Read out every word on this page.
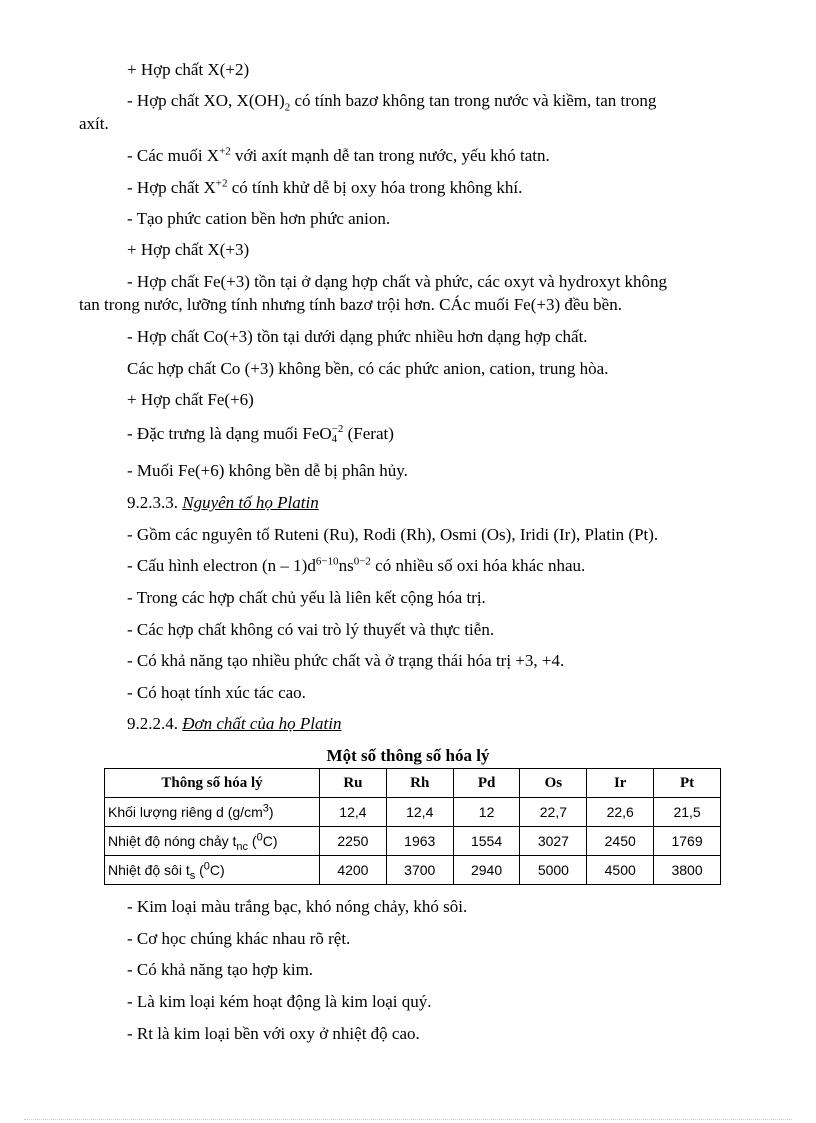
+ Hợp chất X(+2)
- Hợp chất XO, $X(OH)_2$ có tính bazơ không tan trong nước và kiềm, tan trong
axít.
- Các muối $X^{+2}$ với axít mạnh dễ tan trong nước, yếu khó tatn.
- Hợp chất $X^{+2}$ có tính khử dễ bị oxy hóa trong không khí.
- Tạo phức cation bền hơn phức anion.
+ Hợp chất X(+3)
- Hợp chất Fe(+3) tồn tại ở dạng hợp chất và phức, các oxyt và hydroxyt không
tan trong nước, lưỡng tính nhưng tính bazơ trội hơn. CÁc muối Fe(+3) đều bền.
- Hợp chất Co(+3) tồn tại dưới dạng phức nhiều hơn dạng hợp chất.
Các hợp chất Co (+3) không bền, có các phức anion, cation, trung hòa.
+ Hợp chất Fe(+6)
- Đặc trưng là dạng muối FeO −2
4 (Ferat)
- Muối Fe(+6) không bền dễ bị phân hủy.
9.2.3.3. Nguyên tố họ Platin
- Gồm các nguyên tố Ruteni (Ru), Rodi (Rh), Osmi (Os), Iridi (Ir), Platin (Pt).
- Cấu hình electron $(n - 1)d^{6-10}ns^{0-2}$ có nhiều số oxi hóa khác nhau.
- Trong các hợp chất chủ yếu là liên kết cộng hóa trị.
- Các hợp chất không có vai trò lý thuyết và thực tiễn.
- Có khả năng tạo nhiều phức chất và ở trạng thái hóa trị +3, +4.
- Có hoạt tính xúc tác cao.
9.2.2.4. Đơn chất của họ Platin
Một số thông số hóa lý
Thông số hóa lý	Ru	Rh	Pd	Os	Ir	Pt
Khối lượng riêng d $(g/cm^3)$	12,4	12,4	12	22,7	22,6	21,5
Nhiệt độ nóng chảy $t_{nc}$ ($^0$C)	2250	1963	1554	3027	2450	1769
Nhiệt độ sôi $t_s$ ($^0$C)	4200	3700	2940	5000	4500	3800
- Kim loại màu trắng bạc, khó nóng chảy, khó sôi.
- Cơ học chúng khác nhau rõ rệt.
- Có khả năng tạo hợp kim.
- Là kim loại kém hoạt động là kim loại quý.
- Rt là kim loại bền với oxy ở nhiệt độ cao.
